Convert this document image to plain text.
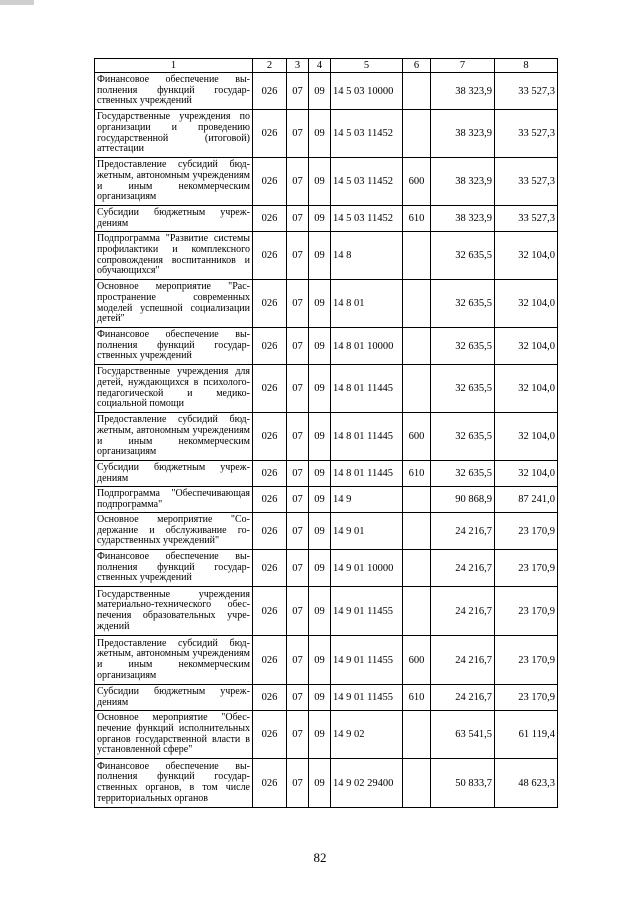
1	2	3	4	5	6	7	8
Финансовое обеспечение выполнения функций государственных учреждений	026	07	09	14 5 03 10000		38 323,9	33 527,3
Государственные учреждения по организации и проведению государственной (итоговой) аттестации	026	07	09	14 5 03 11452		38 323,9	33 527,3
Предоставление субсидий бюджетным, автономным учреждениям и иным некоммерческим организациям	026	07	09	14 5 03 11452	600	38 323,9	33 527,3
Субсидии бюджетным учреждениям	026	07	09	14 5 03 11452	610	38 323,9	33 527,3
Подпрограмма "Развитие системы профилактики и комплексного сопровождения воспитанников и обучающихся"	026	07	09	14 8		32 635,5	32 104,0
Основное мероприятие "Распространение современных моделей успешной социализации детей"	026	07	09	14 8 01		32 635,5	32 104,0
Финансовое обеспечение выполнения функций государственных учреждений	026	07	09	14 8 01 10000		32 635,5	32 104,0
Государственные учреждения для детей, нуждающихся в психолого-педагогической и медико-социальной помощи	026	07	09	14 8 01 11445		32 635,5	32 104,0
Предоставление субсидий бюджетным, автономным учреждениям и иным некоммерческим организациям	026	07	09	14 8 01 11445	600	32 635,5	32 104,0
Субсидии бюджетным учреждениям	026	07	09	14 8 01 11445	610	32 635,5	32 104,0
Подпрограмма "Обеспечивающая подпрограмма"	026	07	09	14 9		90 868,9	87 241,0
Основное мероприятие "Содержание и обслуживание государственных учреждений"	026	07	09	14 9 01		24 216,7	23 170,9
Финансовое обеспечение выполнения функций государственных учреждений	026	07	09	14 9 01 10000		24 216,7	23 170,9
Государственные учреждения материально-технического обеспечения образовательных учреждений	026	07	09	14 9 01 11455		24 216,7	23 170,9
Предоставление субсидий бюджетным, автономным учреждениям и иным некоммерческим организациям	026	07	09	14 9 01 11455	600	24 216,7	23 170,9
Субсидии бюджетным учреждениям	026	07	09	14 9 01 11455	610	24 216,7	23 170,9
Основное мероприятие "Обеспечение функций исполнительных органов государственной власти в установленной сфере"	026	07	09	14 9 02		63 541,5	61 119,4
Финансовое обеспечение выполнения функций государственных органов, в том числе территориальных органов	026	07	09	14 9 02 29400		50 833,7	48 623,3
82
